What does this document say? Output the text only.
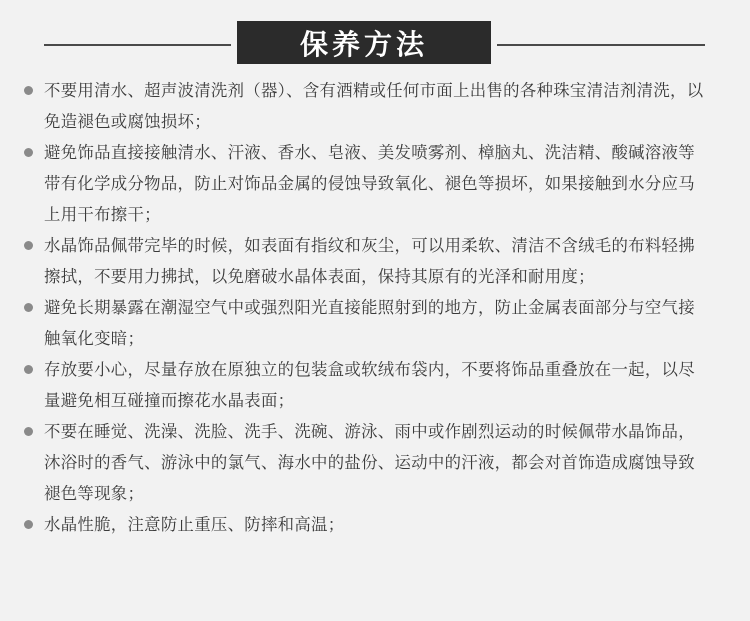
保养方法
不要用清水、超声波清洗剂（器）、含有酒精或任何市面上出售的各种珠宝清洁剂清洗，以免造褪色或腐蚀损坏；
避免饰品直接接触清水、汗液、香水、皂液、美发喷雾剂、樟脑丸、洗洁精、酸碱溶液等带有化学成分物品，防止对饰品金属的侵蚀导致氧化、褪色等损坏，如果接触到水分应马上用干布擦干；
水晶饰品佩带完毕的时候，如表面有指纹和灰尘，可以用柔软、清洁不含绒毛的布料轻拂擦拭，不要用力拂拭，以免磨破水晶体表面，保持其原有的光泽和耐用度；
避免长期暴露在潮湿空气中或强烈阳光直接能照射到的地方，防止金属表面部分与空气接触氧化变暗；
存放要小心，尽量存放在原独立的包装盒或软绒布袋内，不要将饰品重叠放在一起，以尽量避免相互碰撞而擦花水晶表面；
不要在睡觉、洗澡、洗脸、洗手、洗碗、游泳、雨中或作剧烈运动的时候佩带水晶饰品，沐浴时的香气、游泳中的氯气、海水中的盐份、运动中的汗液，都会对首饰造成腐蚀导致褪色等现象；
水晶性脆，注意防止重压、防摔和高温；
